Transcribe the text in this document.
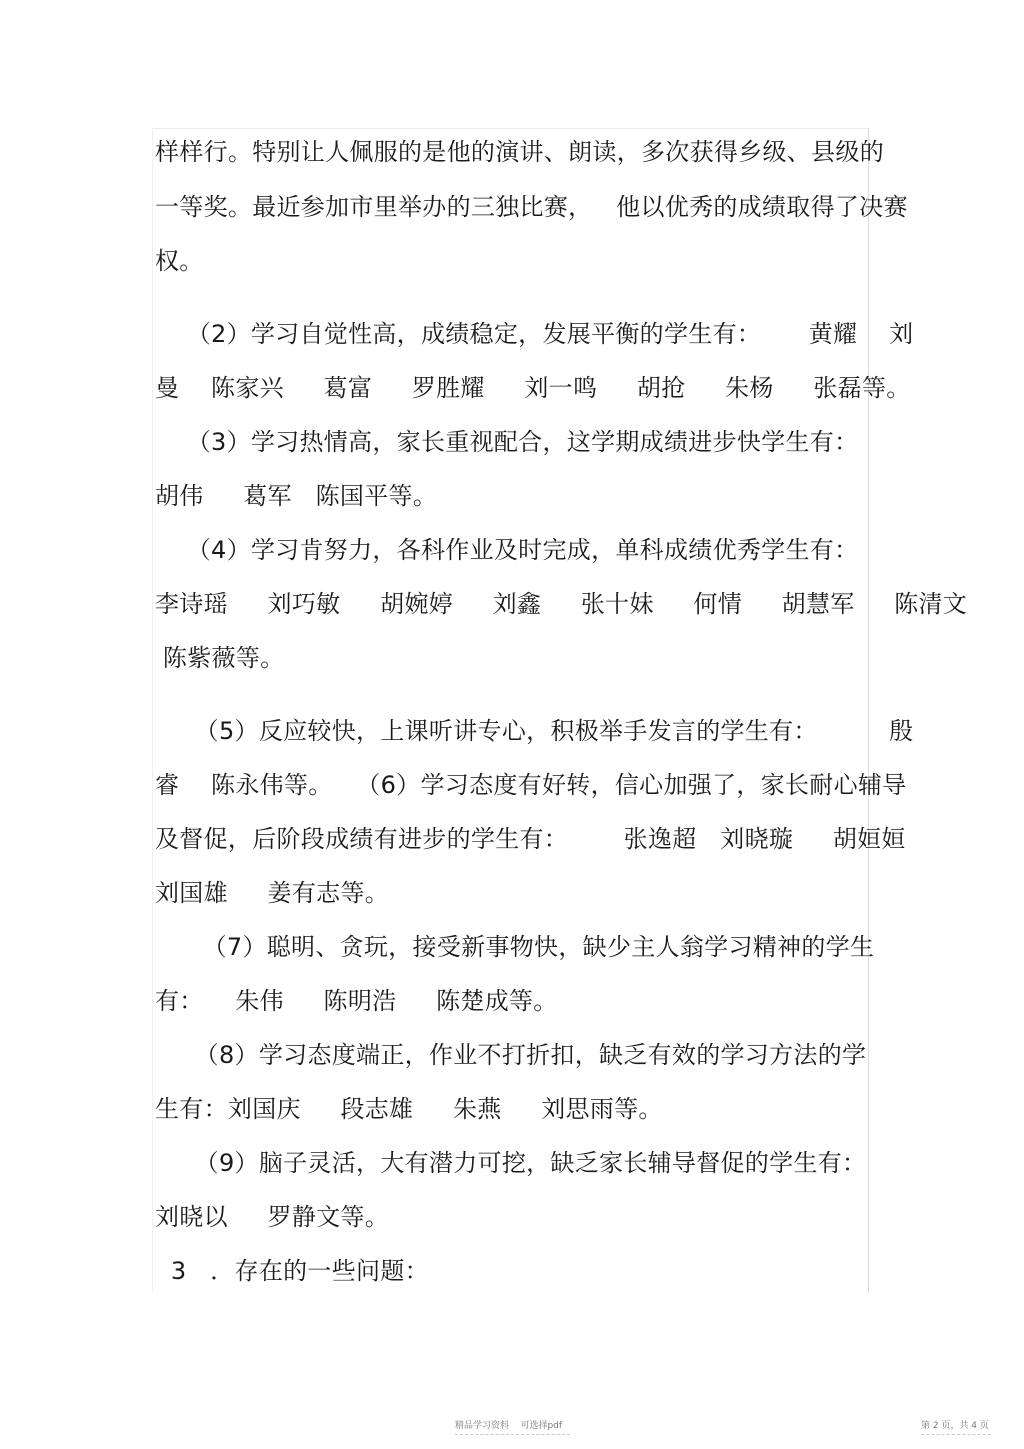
样样行。特别让人佩服的是他的演讲、朗读，多次获得乡级、县级的
一等奖。最近参加市里举办的三独比赛，   他以优秀的成绩取得了决赛
权。
（2）学习自觉性高，成绩稳定，发展平衡的学生有：      黄耀    刘
曼    陈家兴     葛富     罗胜耀     刘一鸣     胡抢     朱杨     张磊等。
（3）学习热情高，家长重视配合，这学期成绩进步快学生有：
胡伟     葛军   陈国平等。
（4）学习肯努力，各科作业及时完成，单科成绩优秀学生有：
李诗瑶     刘巧敏     胡婉婷     刘鑫     张十妹     何情     胡慧军     陈清文
陈紫薇等。
（5）反应较快，上课听讲专心，积极举手发言的学生有：         殷
睿    陈永伟等。   （6）学习态度有好转，信心加强了，家长耐心辅导
及督促，后阶段成绩有进步的学生有：       张逸超   刘晓璇     胡姮姮
刘国雄     姜有志等。
（7）聪明、贪玩，接受新事物快，缺少主人翁学习精神的学生
有：    朱伟     陈明浩     陈楚成等。
（8）学习态度端正，作业不打折扣，缺乏有效的学习方法的学
生有：刘国庆     段志雄     朱燕     刘思雨等。
（9）脑子灵活，大有潜力可挖，缺乏家长辅导督促的学生有：
刘晓以     罗静文等。
3   ．存在的一些问题：
精品学习资料    可选择pdf	第 2 页，共 4 页
